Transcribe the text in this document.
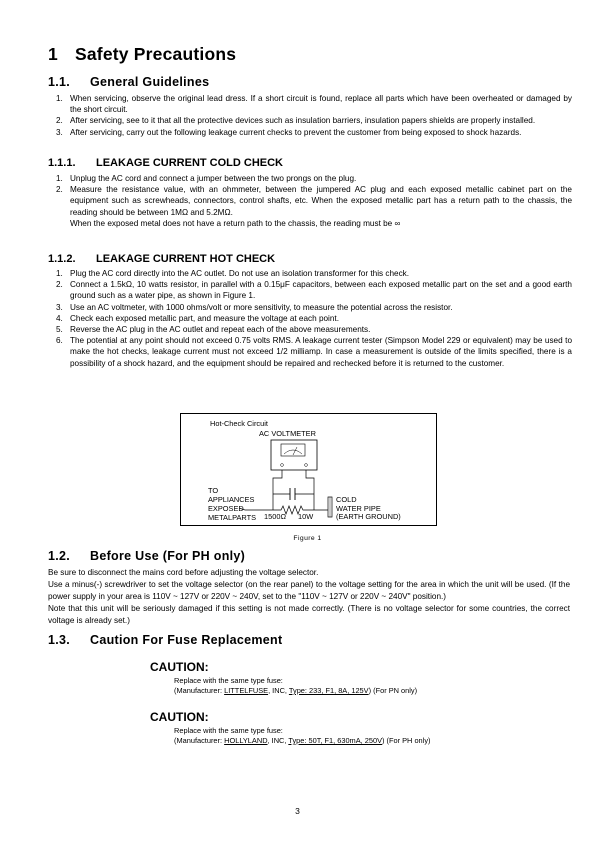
1 Safety Precautions
1.1. General Guidelines
1. When servicing, observe the original lead dress. If a short circuit is found, replace all parts which have been overheated or damaged by the short circuit.
2. After servicing, see to it that all the protective devices such as insulation barriers, insulation papers shields are properly installed.
3. After servicing, carry out the following leakage current checks to prevent the customer from being exposed to shock hazards.
1.1.1. LEAKAGE CURRENT COLD CHECK
1. Unplug the AC cord and connect a jumper between the two prongs on the plug.
2. Measure the resistance value, with an ohmmeter, between the jumpered AC plug and each exposed metallic cabinet part on the equipment such as screwheads, connectors, control shafts, etc. When the exposed metallic part has a return path to the chassis, the reading should be between 1MΩ and 5.2MΩ.
When the exposed metal does not have a return path to the chassis, the reading must be ∞
1.1.2. LEAKAGE CURRENT HOT CHECK
1. Plug the AC cord directly into the AC outlet. Do not use an isolation transformer for this check.
2. Connect a 1.5kΩ, 10 watts resistor, in parallel with a 0.15μF capacitors, between each exposed metallic part on the set and a good earth ground such as a water pipe, as shown in Figure 1.
3. Use an AC voltmeter, with 1000 ohms/volt or more sensitivity, to measure the potential across the resistor.
4. Check each exposed metallic part, and measure the voltage at each point.
5. Reverse the AC plug in the AC outlet and repeat each of the above measurements.
6. The potential at any point should not exceed 0.75 volts RMS. A leakage current tester (Simpson Model 229 or equivalent) may be used to make the hot checks, leakage current must not exceed 1/2 milliamp. In case a measurement is outside of the limits specified, there is a possibility of a shock hazard, and the equipment should be repaired and rechecked before it is returned to the customer.
Hot-Check Circuit
AC VOLTMETER
TO
APPLIANCES
EXPOSED
METALPARTS 1500Ω 10W
COLD
WATER PIPE
(EARTH GROUND)
Figure 1
1.2. Before Use (For PH only)
Be sure to disconnect the mains cord before adjusting the voltage selector.
Use a minus(-) screwdriver to set the voltage selector (on the rear panel) to the voltage setting for the area in which the unit will be used. (If the power supply in your area is 110V ~ 127V or 220V ~ 240V, set to the "110V ~ 127V or 220V ~ 240V" position.)
Note that this unit will be seriously damaged if this setting is not made correctly. (There is no voltage selector for some countries, the correct voltage is already set.)
1.3. Caution For Fuse Replacement
CAUTION:
Replace with the same type fuse:
(Manufacturer: LITTELFUSE, INC, Type: 233, F1, 8A, 125V) (For PN only)
CAUTION:
Replace with the same type fuse:
(Manufacturer: HOLLYLAND, INC, Type: 50T, F1, 630mA, 250V) (For PH only)
3
